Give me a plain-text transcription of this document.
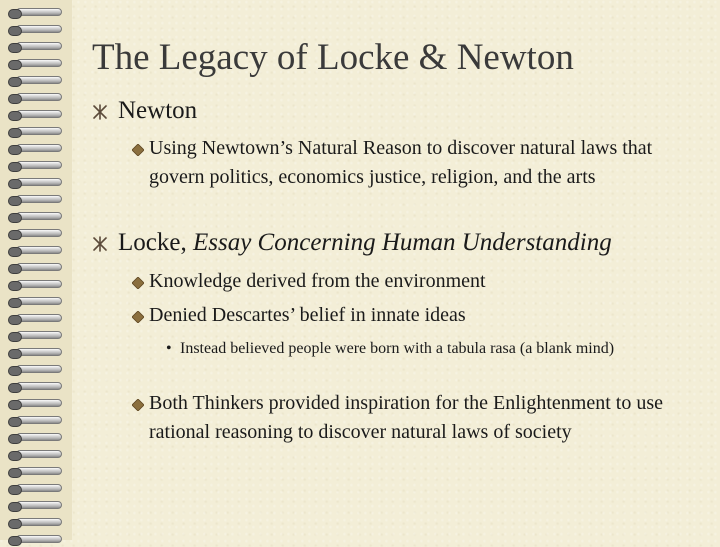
The Legacy of Locke & Newton
Newton
Using Newtown’s Natural Reason to discover natural laws that govern politics, economics justice, religion, and the arts
Locke, Essay Concerning Human Understanding
Knowledge derived from the environment
Denied Descartes’ belief in innate ideas
• Instead believed people were born with a tabula rasa (a blank mind)
Both Thinkers provided inspiration for the Enlightenment to use rational reasoning to discover natural laws of society
